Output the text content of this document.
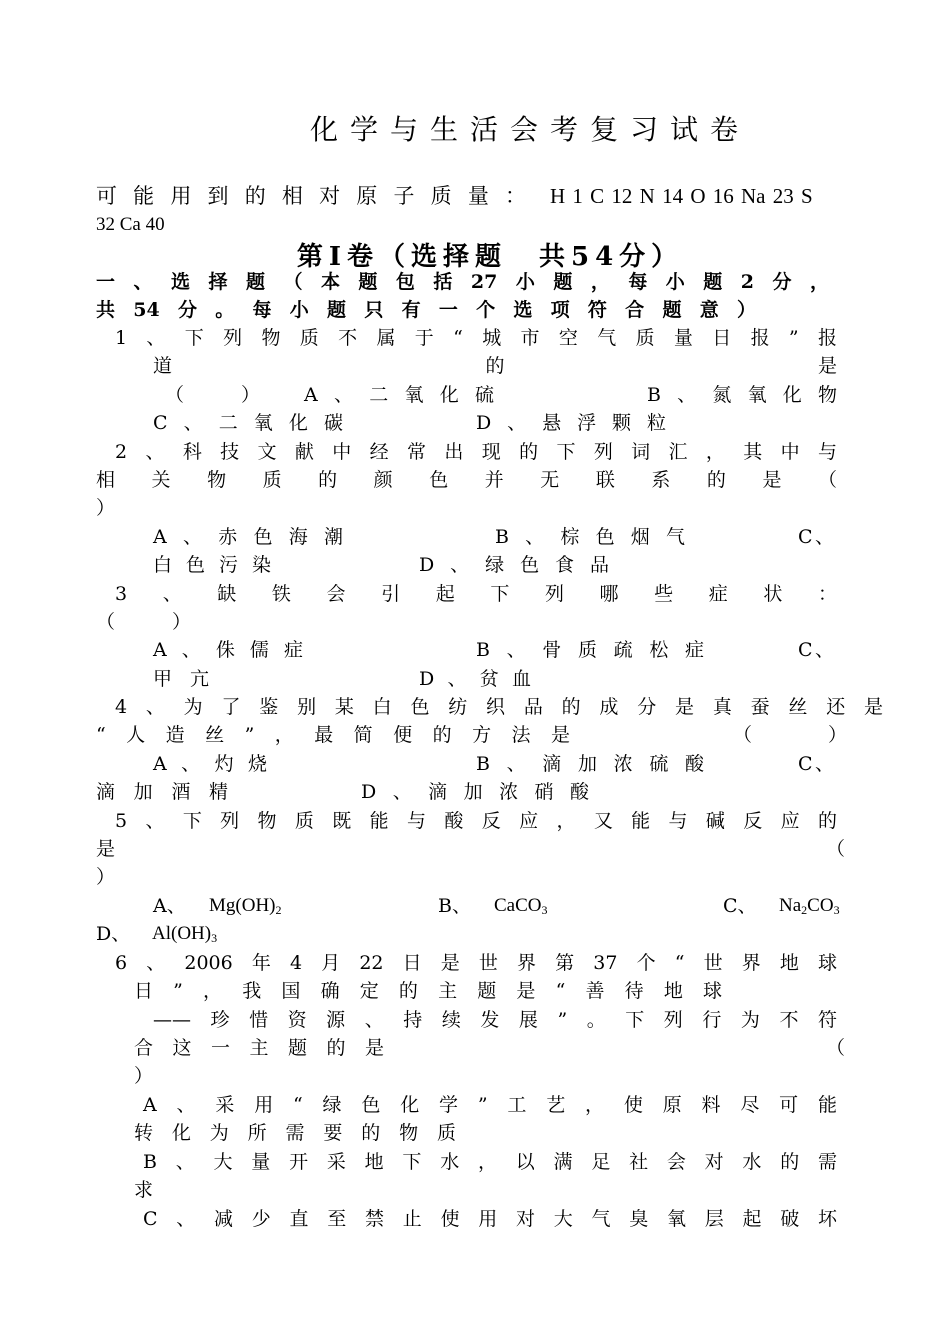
化学与生活会考复习试卷
可能用到的相对原子质量： H 1 C 12 N 14 O 16 Na 23 S
32 Ca 40
第Ⅰ卷（选择题　共54分）
一、选择题（本题包括27小题，每小题2分，
共54分。每小题只有一个选项符合题意）
1、下列物质不属于“城市空气质量日报”报
道的是
（　　　） A、二氧化硫	B、氮氧化物
C、二氧化碳	D、悬浮颗粒
2、科技文献中经常出现的下列词汇，其中与
相关物质的颜色并无联系的是（
）
A、赤色海潮	B、棕色烟气	C、
白色污染	D、绿色食品
3、缺铁会引起下列哪些症状：
（　　　）
A、侏儒症	B、骨质疏松症	C、
甲亢	D、贫血
4、为了鉴别某白色纺织品的成分是真蚕丝还是
“人造丝”，最简便的方法是	（　　　）
A、灼烧	B、滴加浓硫酸	C、
滴加酒精	D、滴加浓硝酸
5、下列物质既能与酸反应，又能与碱反应的
是	（
）
A、	$Mg(OH)_2$	B、	CaCO$_3$	C、	$Na_2CO_3$
D、	$Al(OH)_3$
6、2006年4月22日是世界第37个“世界地球
日”，我国确定的主题是“善待地球
——珍惜资源、持续发展”。下列行为不符
合这一主题的是	（
）
A、采用“绿色化学”工艺，使原料尽可能
转化为所需要的物质
B、大量开采地下水，以满足社会对水的需
求
C、减少直至禁止使用对大气臭氧层起破坏
